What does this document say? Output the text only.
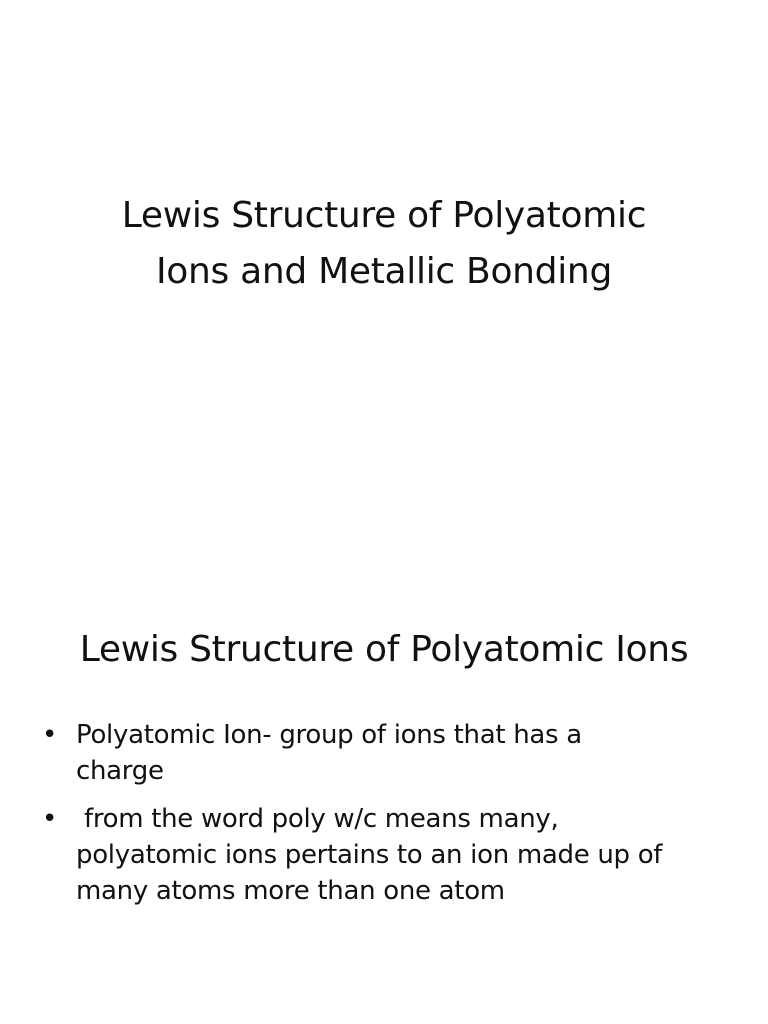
Lewis Structure of Polyatomic
Ions and Metallic Bonding
Lewis Structure of Polyatomic Ions
• Polyatomic Ion- group of ions that has a
charge
• from the word poly w/c means many,
polyatomic ions pertains to an ion made up of
many atoms more than one atom
